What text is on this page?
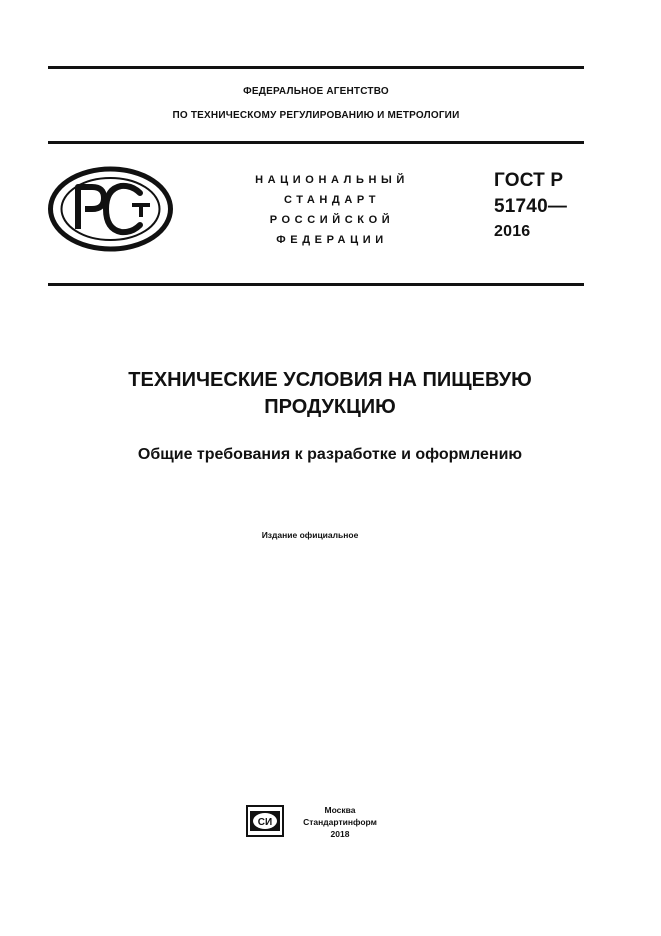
ФЕДЕРАЛЬНОЕ АГЕНТСТВО
ПО ТЕХНИЧЕСКОМУ РЕГУЛИРОВАНИЮ И МЕТРОЛОГИИ
НАЦИОНАЛЬНЫЙ
СТАНДАРТ
РОССИЙСКОЙ
ФЕДЕРАЦИИ
ГОСТ Р
51740—
2016
ТЕХНИЧЕСКИЕ УСЛОВИЯ НА ПИЩЕВУЮ
ПРОДУКЦИЮ
Общие требования к разработке и оформлению
Издание официальное
СИ
Москва
Стандартинформ
2018
